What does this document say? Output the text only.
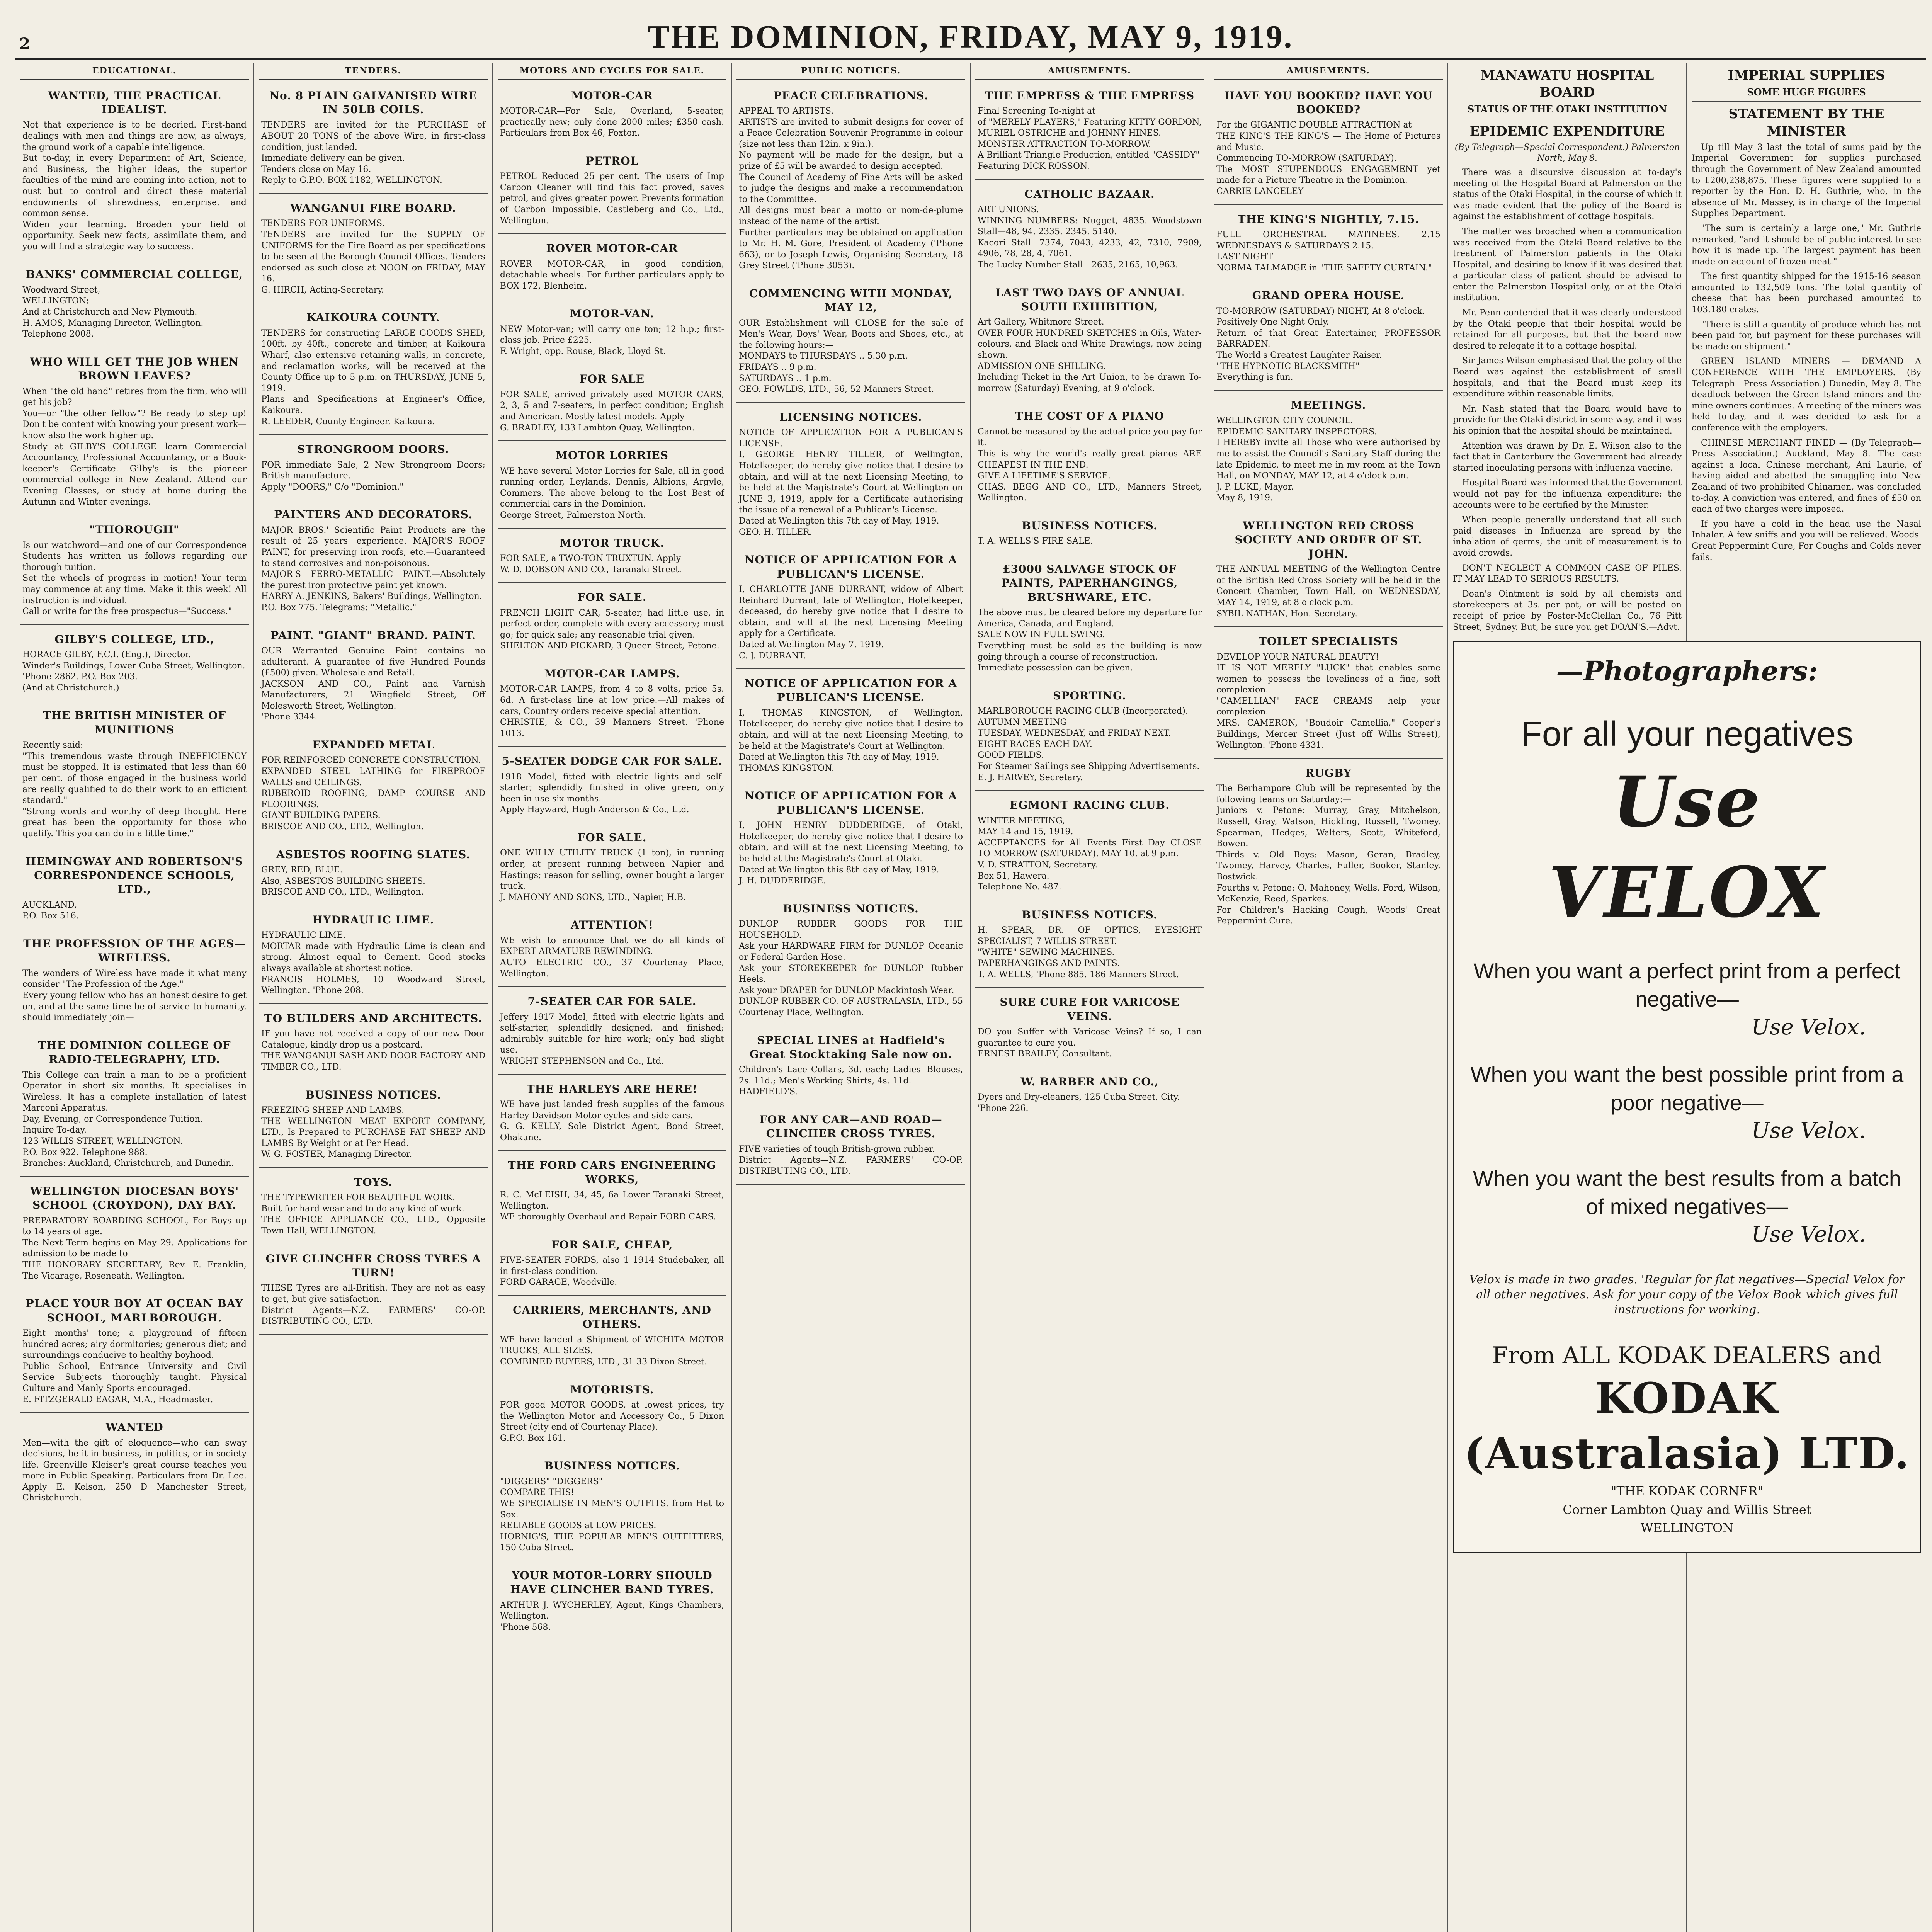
2	THE DOMINION, FRIDAY, MAY 9, 1919.
EDUCATIONAL.
WANTED, THE PRACTICAL IDEALIST.
Not that experience is to be decried. First-hand dealings with men and things are now, as always, the ground work of a capable intelligence.
But to-day, in every Department of Art, Science, and Business, the higher ideas, the superior faculties of the mind are coming into action, not to oust but to control and direct these material endowments of shrewdness, enterprise, and common sense.
Widen your learning. Broaden your field of opportunity. Seek new facts, assimilate them, and you will find a strategic way to success.
BANKS' COMMERCIAL COLLEGE,
Woodward Street,
WELLINGTON;
And at Christchurch and New Plymouth.
H. AMOS, Managing Director, Wellington.
Telephone 2008.
WHO WILL GET THE JOB WHEN BROWN LEAVES?
When "the old hand" retires from the firm, who will get his job?
You—or "the other fellow"? Be ready to step up! Don't be content with knowing your present work—know also the work higher up.
Study at GILBY'S COLLEGE—learn Commercial Accountancy, Professional Accountancy, or a Book-keeper's Certificate. Gilby's is the pioneer commercial college in New Zealand. Attend our Evening Classes, or study at home during the Autumn and Winter evenings.
"THOROUGH"
Is our watchword—and one of our Correspondence Students has written us follows regarding our thorough tuition.
Set the wheels of progress in motion! Your term may commence at any time. Make it this week! All instruction is individual.
Call or write for the free prospectus—"Success."
GILBY'S COLLEGE, LTD.,
HORACE GILBY, F.C.I. (Eng.), Director.
Winder's Buildings, Lower Cuba Street, Wellington.
'Phone 2862. P.O. Box 203.
(And at Christchurch.)
THE BRITISH MINISTER OF MUNITIONS
Recently said:
"This tremendous waste through INEFFICIENCY must be stopped. It is estimated that less than 60 per cent. of those engaged in the business world are really qualified to do their work to an efficient standard."
"Strong words and worthy of deep thought. Here great has been the opportunity for those who qualify. This you can do in a little time."
HEMINGWAY AND ROBERTSON'S CORRESPONDENCE SCHOOLS, LTD.,
AUCKLAND,
P.O. Box 516.
THE PROFESSION OF THE AGES—WIRELESS.
The wonders of Wireless have made it what many consider "The Profession of the Age."
Every young fellow who has an honest desire to get on, and at the same time be of service to humanity, should immediately join—
THE DOMINION COLLEGE OF RADIO-TELEGRAPHY, LTD.
This College can train a man to be a proficient Operator in short six months. It specialises in Wireless. It has a complete installation of latest Marconi Apparatus.
Day, Evening, or Correspondence Tuition.
Inquire To-day.
123 WILLIS STREET, WELLINGTON.
P.O. Box 922. Telephone 988.
Branches: Auckland, Christchurch, and Dunedin.
WELLINGTON DIOCESAN BOYS' SCHOOL (CROYDON), DAY BAY.
PREPARATORY BOARDING SCHOOL, For Boys up to 14 years of age.
The Next Term begins on May 29. Applications for admission to be made to
THE HONORARY SECRETARY, Rev. E. Franklin, The Vicarage, Roseneath, Wellington.
PLACE YOUR BOY AT OCEAN BAY SCHOOL, MARLBOROUGH.
Eight months' tone; a playground of fifteen hundred acres; airy dormitories; generous diet; and surroundings conducive to healthy boyhood.
Public School, Entrance University and Civil Service Subjects thoroughly taught. Physical Culture and Manly Sports encouraged.
E. FITZGERALD EAGAR, M.A., Headmaster.
WANTED
Men—with the gift of eloquence—who can sway decisions, be it in business, in politics, or in society life. Greenville Kleiser's great course teaches you more in Public Speaking. Particulars from Dr. Lee. Apply E. Kelson, 250 D Manchester Street, Christchurch.
TENDERS.
No. 8 PLAIN GALVANISED WIRE IN 50LB COILS.
TENDERS are invited for the PURCHASE of ABOUT 20 TONS of the above Wire, in first-class condition, just landed.
Immediate delivery can be given.
Tenders close on May 16.
Reply to G.P.O. BOX 1182, WELLINGTON.
WANGANUI FIRE BOARD.
TENDERS FOR UNIFORMS.
TENDERS are invited for the SUPPLY OF UNIFORMS for the Fire Board as per specifications to be seen at the Borough Council Offices. Tenders endorsed as such close at NOON on FRIDAY, MAY 16.
G. HIRCH, Acting-Secretary.
KAIKOURA COUNTY.
TENDERS for constructing LARGE GOODS SHED, 100ft. by 40ft., concrete and timber, at Kaikoura Wharf, also extensive retaining walls, in concrete, and reclamation works, will be received at the County Office up to 5 p.m. on THURSDAY, JUNE 5, 1919.
Plans and Specifications at Engineer's Office, Kaikoura.
R. LEEDER, County Engineer, Kaikoura.
STRONGROOM DOORS.
FOR immediate Sale, 2 New Strongroom Doors; British manufacture.
Apply "DOORS," C/o "Dominion."
PAINTERS AND DECORATORS.
MAJOR BROS.' Scientific Paint Products are the result of 25 years' experience. MAJOR'S ROOF PAINT, for preserving iron roofs, etc.—Guaranteed to stand corrosives and non-poisonous.
MAJOR'S FERRO-METALLIC PAINT.—Absolutely the purest iron protective paint yet known.
HARRY A. JENKINS, Bakers' Buildings, Wellington.
P.O. Box 775. Telegrams: "Metallic."
PAINT. "GIANT" BRAND. PAINT.
OUR Warranted Genuine Paint contains no adulterant. A guarantee of five Hundred Pounds (£500) given. Wholesale and Retail.
JACKSON AND CO., Paint and Varnish Manufacturers, 21 Wingfield Street, Off Molesworth Street, Wellington.
'Phone 3344.
EXPANDED METAL
FOR REINFORCED CONCRETE CONSTRUCTION.
EXPANDED STEEL LATHING for FIREPROOF WALLS and CEILINGS.
RUBEROID ROOFING, DAMP COURSE AND FLOORINGS.
GIANT BUILDING PAPERS.
BRISCOE AND CO., LTD., Wellington.
ASBESTOS ROOFING SLATES.
GREY, RED, BLUE.
Also, ASBESTOS BUILDING SHEETS.
BRISCOE AND CO., LTD., Wellington.
HYDRAULIC LIME.
HYDRAULIC LIME.
MORTAR made with Hydraulic Lime is clean and strong. Almost equal to Cement. Good stocks always available at shortest notice.
FRANCIS HOLMES, 10 Woodward Street, Wellington. 'Phone 208.
TO BUILDERS AND ARCHITECTS.
IF you have not received a copy of our new Door Catalogue, kindly drop us a postcard.
THE WANGANUI SASH AND DOOR FACTORY AND TIMBER CO., LTD.
BUSINESS NOTICES.
FREEZING SHEEP AND LAMBS.
THE WELLINGTON MEAT EXPORT COMPANY, LTD., Is Prepared to PURCHASE FAT SHEEP AND LAMBS By Weight or at Per Head.
W. G. FOSTER, Managing Director.
TOYS.
THE TYPEWRITER FOR BEAUTIFUL WORK.
Built for hard wear and to do any kind of work.
THE OFFICE APPLIANCE CO., LTD., Opposite Town Hall, WELLINGTON.
GIVE CLINCHER CROSS TYRES A TURN!
THESE Tyres are all-British. They are not as easy to get, but give satisfaction.
District Agents—N.Z. FARMERS' CO-OP. DISTRIBUTING CO., LTD.
MOTORS AND CYCLES FOR SALE.
MOTOR-CAR
MOTOR-CAR—For Sale, Overland, 5-seater, practically new; only done 2000 miles; £350 cash. Particulars from Box 46, Foxton.
PETROL
PETROL Reduced 25 per cent. The users of Imp Carbon Cleaner will find this fact proved, saves petrol, and gives greater power. Prevents formation of Carbon Impossible. Castleberg and Co., Ltd., Wellington.
ROVER MOTOR-CAR
ROVER MOTOR-CAR, in good condition, detachable wheels. For further particulars apply to BOX 172, Blenheim.
MOTOR-VAN.
NEW Motor-van; will carry one ton; 12 h.p.; first-class job. Price £225.
F. Wright, opp. Rouse, Black, Lloyd St.
FOR SALE
FOR SALE, arrived privately used MOTOR CARS, 2, 3, 5 and 7-seaters, in perfect condition; English and American. Mostly latest models. Apply
G. BRADLEY, 133 Lambton Quay, Wellington.
MOTOR LORRIES
WE have several Motor Lorries for Sale, all in good running order, Leylands, Dennis, Albions, Argyle, Commers. The above belong to the Lost Best of commercial cars in the Dominion.
George Street, Palmerston North.
MOTOR TRUCK.
FOR SALE, a TWO-TON TRUXTUN. Apply
W. D. DOBSON AND CO., Taranaki Street.
FOR SALE.
FRENCH LIGHT CAR, 5-seater, had little use, in perfect order, complete with every accessory; must go; for quick sale; any reasonable trial given.
SHELTON AND PICKARD, 3 Queen Street, Petone.
MOTOR-CAR LAMPS.
MOTOR-CAR LAMPS, from 4 to 8 volts, price 5s. 6d. A first-class line at low price.—All makes of cars, Country orders receive special attention.
CHRISTIE, & CO., 39 Manners Street. 'Phone 1013.
5-SEATER DODGE CAR FOR SALE.
1918 Model, fitted with electric lights and self-starter; splendidly finished in olive green, only been in use six months.
Apply Hayward, Hugh Anderson & Co., Ltd.
FOR SALE.
ONE WILLY UTILITY TRUCK (1 ton), in running order, at present running between Napier and Hastings; reason for selling, owner bought a larger truck.
J. MAHONY AND SONS, LTD., Napier, H.B.
ATTENTION!
WE wish to announce that we do all kinds of EXPERT ARMATURE REWINDING.
AUTO ELECTRIC CO., 37 Courtenay Place, Wellington.
7-SEATER CAR FOR SALE.
Jeffery 1917 Model, fitted with electric lights and self-starter, splendidly designed, and finished; admirably suitable for hire work; only had slight use.
WRIGHT STEPHENSON and Co., Ltd.
THE HARLEYS ARE HERE!
WE have just landed fresh supplies of the famous Harley-Davidson Motor-cycles and side-cars.
G. G. KELLY, Sole District Agent, Bond Street, Ohakune.
THE FORD CARS ENGINEERING WORKS,
R. C. McLEISH, 34, 45, 6a Lower Taranaki Street, Wellington.
WE thoroughly Overhaul and Repair FORD CARS.
FOR SALE, CHEAP,
FIVE-SEATER FORDS, also 1 1914 Studebaker, all in first-class condition.
FORD GARAGE, Woodville.
CARRIERS, MERCHANTS, AND OTHERS.
WE have landed a Shipment of WICHITA MOTOR TRUCKS, ALL SIZES.
COMBINED BUYERS, LTD., 31-33 Dixon Street.
MOTORISTS.
FOR good MOTOR GOODS, at lowest prices, try the Wellington Motor and Accessory Co., 5 Dixon Street (city end of Courtenay Place).
G.P.O. Box 161.
BUSINESS NOTICES.
"DIGGERS" "DIGGERS"
COMPARE THIS!
WE SPECIALISE IN MEN'S OUTFITS, from Hat to Sox.
RELIABLE GOODS at LOW PRICES.
HORNIG'S, THE POPULAR MEN'S OUTFITTERS, 150 Cuba Street.
YOUR MOTOR-LORRY SHOULD HAVE CLINCHER BAND TYRES.
ARTHUR J. WYCHERLEY, Agent, Kings Chambers, Wellington.
'Phone 568.
PUBLIC NOTICES.
PEACE CELEBRATIONS.
APPEAL TO ARTISTS.
ARTISTS are invited to submit designs for cover of a Peace Celebration Souvenir Programme in colour (size not less than 12in. x 9in.).
No payment will be made for the design, but a prize of £5 will be awarded to design accepted.
The Council of Academy of Fine Arts will be asked to judge the designs and make a recommendation to the Committee.
All designs must bear a motto or nom-de-plume instead of the name of the artist.
Further particulars may be obtained on application to Mr. H. M. Gore, President of Academy ('Phone 663), or to Joseph Lewis, Organising Secretary, 18 Grey Street ('Phone 3053).
COMMENCING WITH MONDAY, MAY 12,
OUR Establishment will CLOSE for the sale of Men's Wear, Boys' Wear, Boots and Shoes, etc., at the following hours:—
MONDAYS to THURSDAYS .. 5.30 p.m.
FRIDAYS .. 9 p.m.
SATURDAYS .. 1 p.m.
GEO. FOWLDS, LTD., 56, 52 Manners Street.
LICENSING NOTICES.
NOTICE OF APPLICATION FOR A PUBLICAN'S LICENSE.
I, GEORGE HENRY TILLER, of Wellington, Hotelkeeper, do hereby give notice that I desire to obtain, and will at the next Licensing Meeting, to be held at the Magistrate's Court at Wellington on JUNE 3, 1919, apply for a Certificate authorising the issue of a renewal of a Publican's License.
Dated at Wellington this 7th day of May, 1919.
GEO. H. TILLER.
NOTICE OF APPLICATION FOR A PUBLICAN'S LICENSE.
I, CHARLOTTE JANE DURRANT, widow of Albert Reinhard Durrant, late of Wellington, Hotelkeeper, deceased, do hereby give notice that I desire to obtain, and will at the next Licensing Meeting apply for a Certificate.
Dated at Wellington May 7, 1919.
C. J. DURRANT.
NOTICE OF APPLICATION FOR A PUBLICAN'S LICENSE.
I, THOMAS KINGSTON, of Wellington, Hotelkeeper, do hereby give notice that I desire to obtain, and will at the next Licensing Meeting, to be held at the Magistrate's Court at Wellington.
Dated at Wellington this 7th day of May, 1919.
THOMAS KINGSTON.
NOTICE OF APPLICATION FOR A PUBLICAN'S LICENSE.
I, JOHN HENRY DUDDERIDGE, of Otaki, Hotelkeeper, do hereby give notice that I desire to obtain, and will at the next Licensing Meeting, to be held at the Magistrate's Court at Otaki.
Dated at Wellington this 8th day of May, 1919.
J. H. DUDDERIDGE.
BUSINESS NOTICES.
DUNLOP RUBBER GOODS FOR THE HOUSEHOLD.
Ask your HARDWARE FIRM for DUNLOP Oceanic or Federal Garden Hose.
Ask your STOREKEEPER for DUNLOP Rubber Heels.
Ask your DRAPER for DUNLOP Mackintosh Wear.
DUNLOP RUBBER CO. OF AUSTRALASIA, LTD., 55 Courtenay Place, Wellington.
SPECIAL LINES at Hadfield's Great Stocktaking Sale now on.
Children's Lace Collars, 3d. each; Ladies' Blouses, 2s. 11d.; Men's Working Shirts, 4s. 11d.
HADFIELD'S.
FOR ANY CAR—AND ROAD— CLINCHER CROSS TYRES.
FIVE varieties of tough British-grown rubber.
District Agents—N.Z. FARMERS' CO-OP. DISTRIBUTING CO., LTD.
AMUSEMENTS.
THE EMPRESS & THE EMPRESS
Final Screening To-night at
of "MERELY PLAYERS," Featuring KITTY GORDON, MURIEL OSTRICHE and JOHNNY HINES.
MONSTER ATTRACTION TO-MORROW.
A Brilliant Triangle Production, entitled "CASSIDY"
Featuring DICK ROSSON.
CATHOLIC BAZAAR.
ART UNIONS.
WINNING NUMBERS: Nugget, 4835. Woodstown Stall—48, 94, 2335, 2345, 5140.
Kacori Stall—7374, 7043, 4233, 42, 7310, 7909, 4906, 78, 28, 4, 7061.
The Lucky Number Stall—2635, 2165, 10,963.
LAST TWO DAYS OF ANNUAL SOUTH EXHIBITION,
Art Gallery, Whitmore Street.
OVER FOUR HUNDRED SKETCHES in Oils, Water-colours, and Black and White Drawings, now being shown.
ADMISSION ONE SHILLING.
Including Ticket in the Art Union, to be drawn To-morrow (Saturday) Evening, at 9 o'clock.
THE COST OF A PIANO
Cannot be measured by the actual price you pay for it.
This is why the world's really great pianos ARE CHEAPEST IN THE END.
GIVE A LIFETIME'S SERVICE.
CHAS. BEGG AND CO., LTD., Manners Street, Wellington.
BUSINESS NOTICES.
T. A. WELLS'S FIRE SALE.
£3000 SALVAGE STOCK OF PAINTS, PAPERHANGINGS, BRUSHWARE, ETC.
The above must be cleared before my departure for America, Canada, and England.
SALE NOW IN FULL SWING.
Everything must be sold as the building is now going through a course of reconstruction.
Immediate possession can be given.
SPORTING.
MARLBOROUGH RACING CLUB (Incorporated).
AUTUMN MEETING
TUESDAY, WEDNESDAY, and FRIDAY NEXT.
EIGHT RACES EACH DAY.
GOOD FIELDS.
For Steamer Sailings see Shipping Advertisements.
E. J. HARVEY, Secretary.
EGMONT RACING CLUB.
WINTER MEETING,
MAY 14 and 15, 1919.
ACCEPTANCES for All Events First Day CLOSE TO-MORROW (SATURDAY), MAY 10, at 9 p.m.
V. D. STRATTON, Secretary.
Box 51, Hawera.
Telephone No. 487.
BUSINESS NOTICES.
H. SPEAR, DR. OF OPTICS, EYESIGHT SPECIALIST, 7 WILLIS STREET.
"WHITE" SEWING MACHINES.
PAPERHANGINGS AND PAINTS.
T. A. WELLS, 'Phone 885. 186 Manners Street.
SURE CURE FOR VARICOSE VEINS.
DO you Suffer with Varicose Veins? If so, I can guarantee to cure you.
ERNEST BRAILEY, Consultant.
W. BARBER AND CO.,
Dyers and Dry-cleaners, 125 Cuba Street, City.
'Phone 226.
AMUSEMENTS.
HAVE YOU BOOKED? HAVE YOU BOOKED?
For the GIGANTIC DOUBLE ATTRACTION at
THE KING'S THE KING'S — The Home of Pictures and Music.
Commencing TO-MORROW (SATURDAY).
The MOST STUPENDOUS ENGAGEMENT yet made for a Picture Theatre in the Dominion.
CARRIE LANCELEY
THE KING'S NIGHTLY, 7.15.
FULL ORCHESTRAL MATINEES, 2.15 WEDNESDAYS & SATURDAYS 2.15.
LAST NIGHT
NORMA TALMADGE in "THE SAFETY CURTAIN."
GRAND OPERA HOUSE.
TO-MORROW (SATURDAY) NIGHT, At 8 o'clock.
Positively One Night Only.
Return of that Great Entertainer, PROFESSOR BARRADEN.
The World's Greatest Laughter Raiser.
"THE HYPNOTIC BLACKSMITH"
Everything is fun.
MEETINGS.
WELLINGTON CITY COUNCIL.
EPIDEMIC SANITARY INSPECTORS.
I HEREBY invite all Those who were authorised by me to assist the Council's Sanitary Staff during the late Epidemic, to meet me in my room at the Town Hall, on MONDAY, MAY 12, at 4 o'clock p.m.
J. P. LUKE, Mayor.
May 8, 1919.
WELLINGTON RED CROSS SOCIETY AND ORDER OF ST. JOHN.
THE ANNUAL MEETING of the Wellington Centre of the British Red Cross Society will be held in the Concert Chamber, Town Hall, on WEDNESDAY, MAY 14, 1919, at 8 o'clock p.m.
SYBIL NATHAN, Hon. Secretary.
TOILET SPECIALISTS
DEVELOP YOUR NATURAL BEAUTY!
IT IS NOT MERELY "LUCK" that enables some women to possess the loveliness of a fine, soft complexion.
"CAMELLIAN" FACE CREAMS help your complexion.
MRS. CAMERON, "Boudoir Camellia," Cooper's Buildings, Mercer Street (Just off Willis Street), Wellington. 'Phone 4331.
RUGBY
The Berhampore Club will be represented by the following teams on Saturday:—
Juniors v. Petone: Murray, Gray, Mitchelson, Russell, Gray, Watson, Hickling, Russell, Twomey, Spearman, Hedges, Walters, Scott, Whiteford, Bowen.
Thirds v. Old Boys: Mason, Geran, Bradley, Twomey, Harvey, Charles, Fuller, Booker, Stanley, Bostwick.
Fourths v. Petone: O. Mahoney, Wells, Ford, Wilson, McKenzie, Reed, Sparkes.
For Children's Hacking Cough, Woods' Great Peppermint Cure.
MANAWATU HOSPITAL BOARD
STATUS OF THE OTAKI INSTITUTION
EPIDEMIC EXPENDITURE
(By Telegraph—Special Correspondent.) Palmerston North, May 8.

There was a discursive discussion at to-day's meeting of the Hospital Board at Palmerston on the status of the Otaki Hospital, in the course of which it was made evident that the policy of the Board is against the establishment of cottage hospitals.

The matter was broached when a communication was received from the Otaki Board relative to the treatment of Palmerston patients in the Otaki Hospital, and desiring to know if it was desired that a particular class of patient should be advised to enter the Palmerston Hospital only, or at the Otaki institution.

Mr. Penn contended that it was clearly understood by the Otaki people that their hospital would be retained for all purposes, but that the board now desired to relegate it to a cottage hospital.

Sir James Wilson emphasised that the policy of the Board was against the establishment of small hospitals, and that the Board must keep its expenditure within reasonable limits.

Mr. Nash stated that the Board would have to provide for the Otaki district in some way, and it was his opinion that the hospital should be maintained.

Attention was drawn by Dr. E. Wilson also to the fact that in Canterbury the Government had already started inoculating persons with influenza vaccine.

Hospital Board was informed that the Government would not pay for the influenza expenditure; the accounts were to be certified by the Minister.

When people generally understand that all such paid diseases in Influenza are spread by the inhalation of germs, the unit of measurement is to avoid crowds.

DON'T NEGLECT A COMMON CASE OF PILES. IT MAY LEAD TO SERIOUS RESULTS.

Doan's Ointment is sold by all chemists and storekeepers at 3s. per pot, or will be posted on receipt of price by Foster-McClellan Co., 76 Pitt Street, Sydney. But, be sure you get DOAN'S.—Advt.

—Photographers:
For all your negatives
Use VELOX
When you want a perfect print from a perfect negative—
Use Velox.
When you want the best possible print from a poor negative—
Use Velox.
When you want the best results from a batch of mixed negatives—
Use Velox.
Velox is made in two grades. 'Regular for flat negatives—Special Velox for all other negatives. Ask for your copy of the Velox Book which gives full instructions for working.
From ALL KODAK DEALERS and
KODAK (Australasia) LTD.
"THE KODAK CORNER"
Corner Lambton Quay and Willis Street
WELLINGTON
IMPERIAL SUPPLIES
SOME HUGE FIGURES
STATEMENT BY THE MINISTER

Up till May 3 last the total of sums paid by the Imperial Government for supplies purchased through the Government of New Zealand amounted to £200,238,875. These figures were supplied to a reporter by the Hon. D. H. Guthrie, who, in the absence of Mr. Massey, is in charge of the Imperial Supplies Department.

"The sum is certainly a large one," Mr. Guthrie remarked, "and it should be of public interest to see how it is made up. The largest payment has been made on account of frozen meat."

The first quantity shipped for the 1915-16 season amounted to 132,509 tons. The total quantity of cheese that has been purchased amounted to 103,180 crates.

"There is still a quantity of produce which has not been paid for, but payment for these purchases will be made on shipment."

GREEN ISLAND MINERS — DEMAND A CONFERENCE WITH THE EMPLOYERS. (By Telegraph—Press Association.) Dunedin, May 8. The deadlock between the Green Island miners and the mine-owners continues. A meeting of the miners was held to-day, and it was decided to ask for a conference with the employers.

CHINESE MERCHANT FINED — (By Telegraph—Press Association.) Auckland, May 8. The case against a local Chinese merchant, Ani Laurie, of having aided and abetted the smuggling into New Zealand of two prohibited Chinamen, was concluded to-day. A conviction was entered, and fines of £50 on each of two charges were imposed.

If you have a cold in the head use the Nasal Inhaler. A few sniffs and you will be relieved. Woods' Great Peppermint Cure, For Coughs and Colds never fails.
